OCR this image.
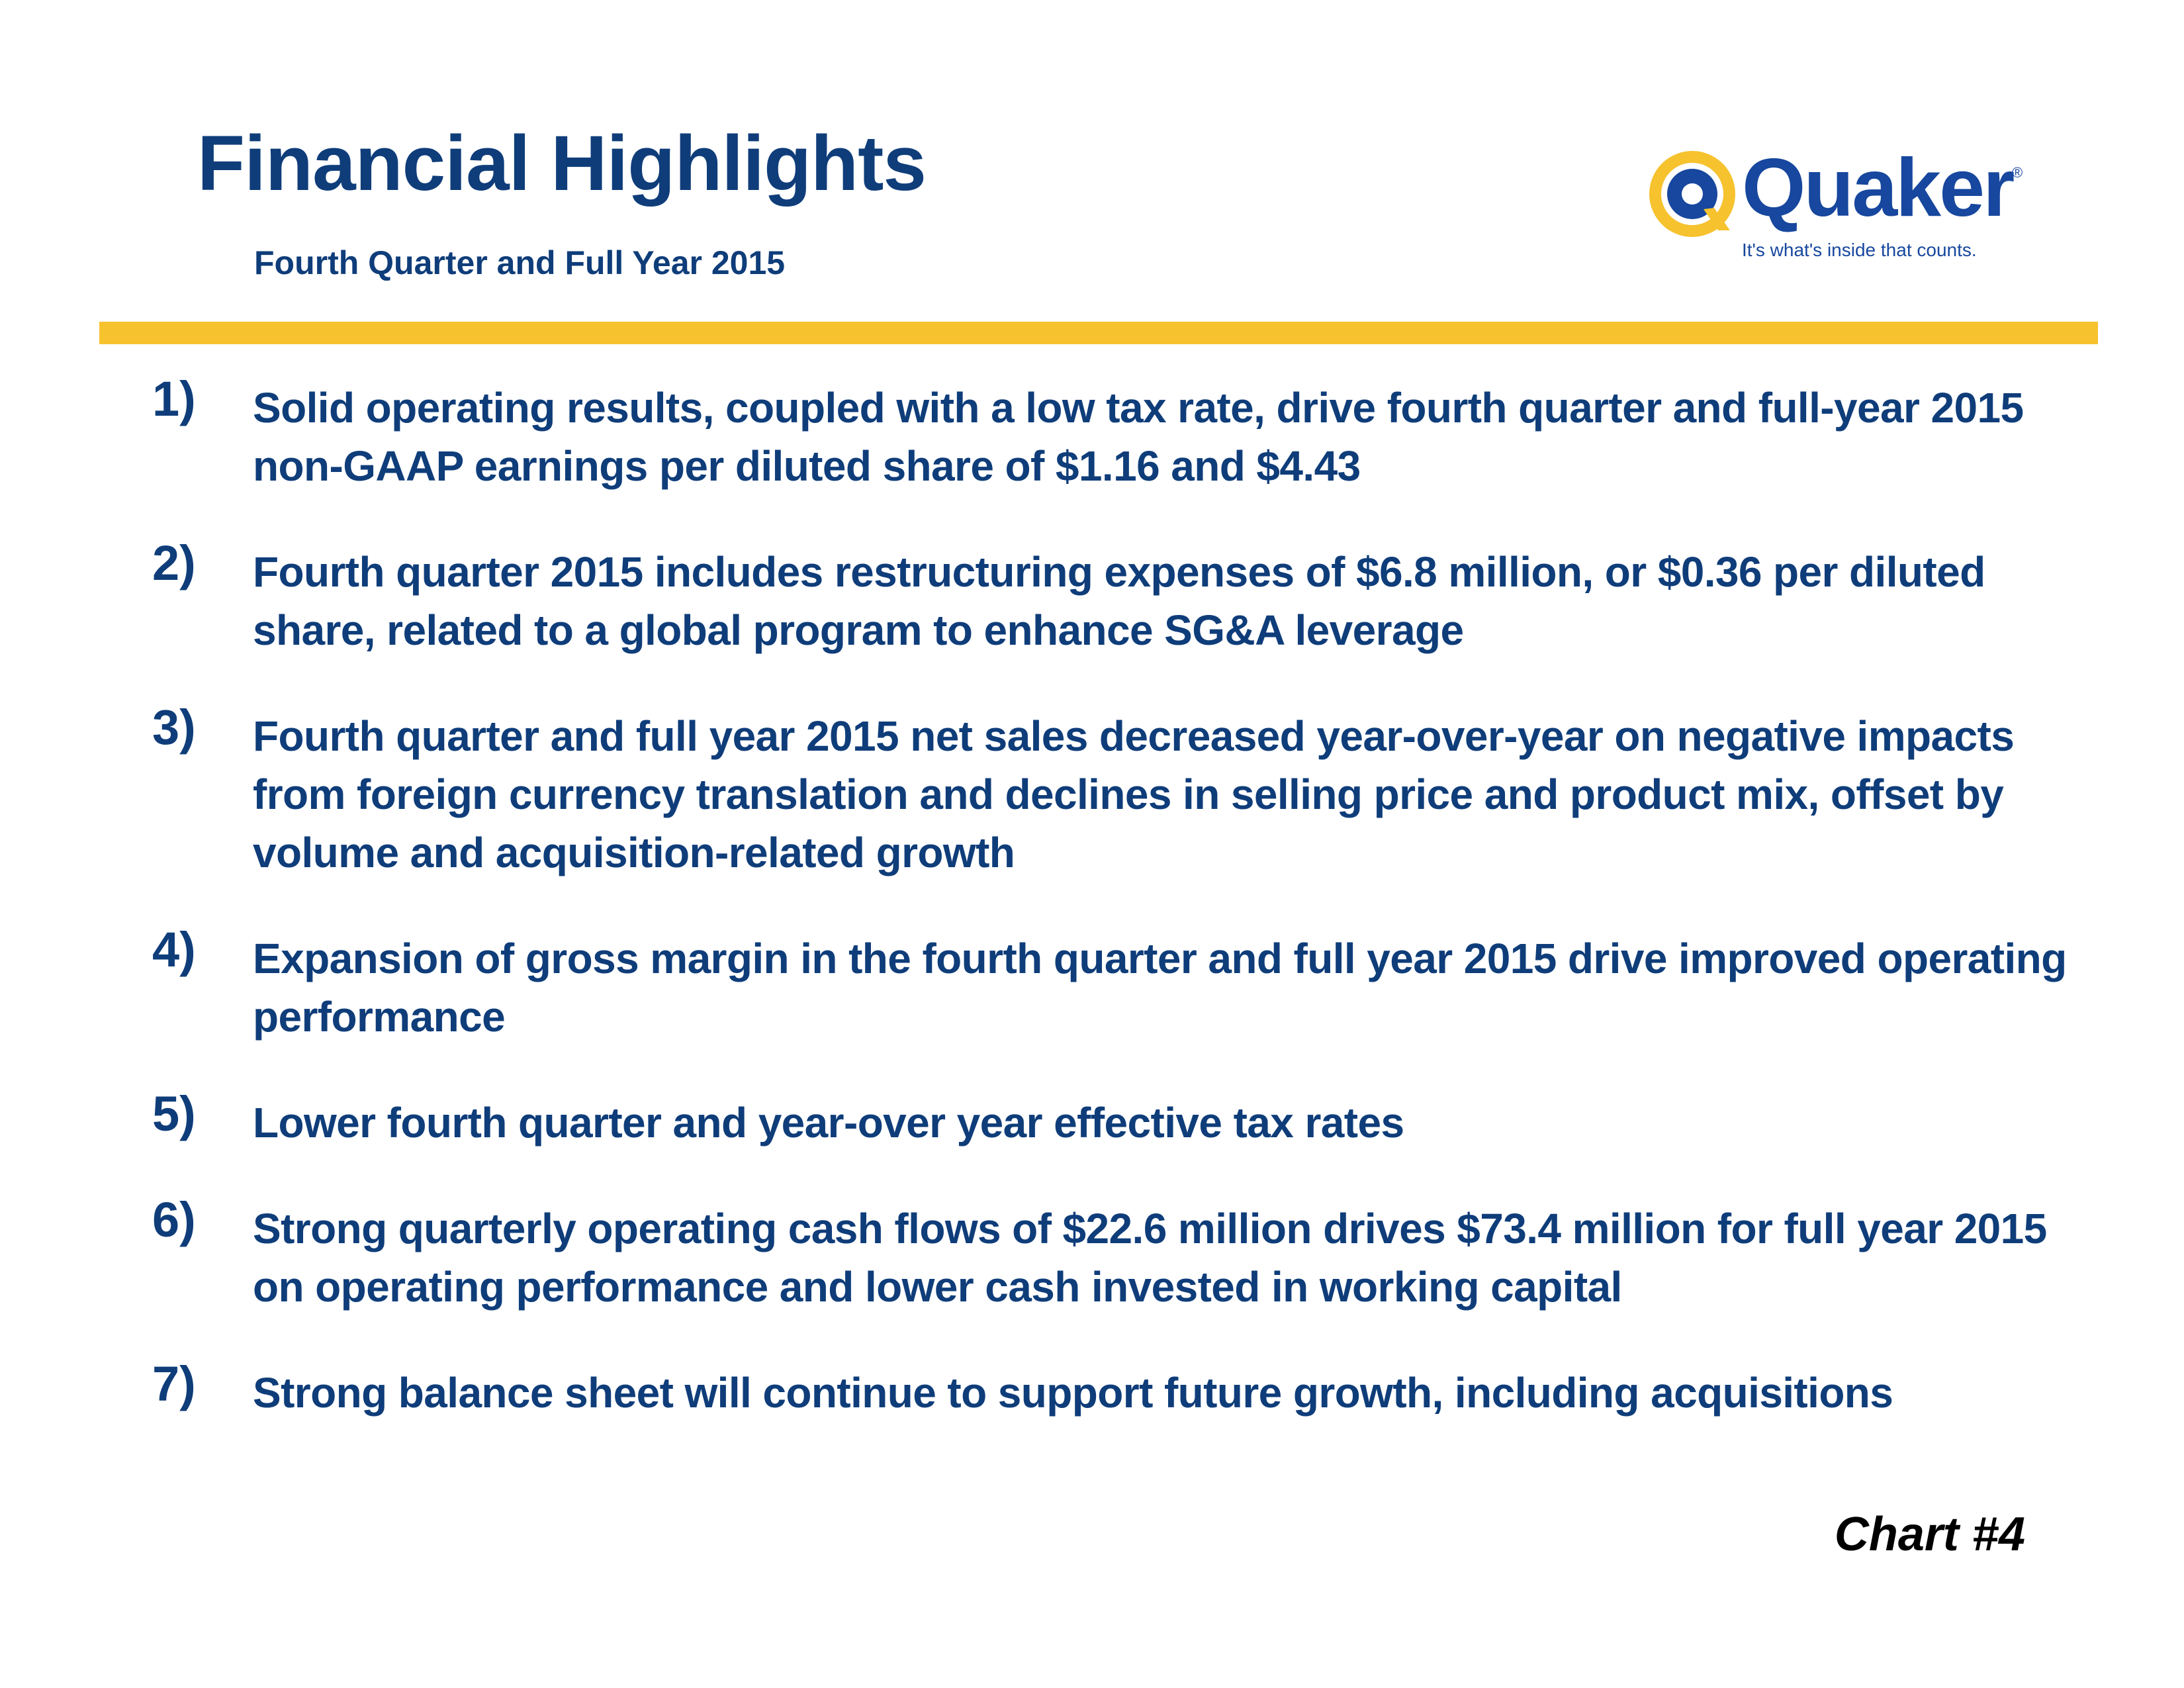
Financial Highlights

Fourth Quarter and Full Year 2015

Quaker
®
It's what's inside that counts.
1) Solid operating results, coupled with a low tax rate, drive fourth quarter and full-year 2015 non-GAAP earnings per diluted share of $1.16 and $4.43
2) Fourth quarter 2015 includes restructuring expenses of $6.8 million, or $0.36 per diluted share, related to a global program to enhance SG&A leverage
3) Fourth quarter and full year 2015 net sales decreased year-over-year on negative impacts from foreign currency translation and declines in selling price and product mix, offset by volume and acquisition-related growth
4) Expansion of gross margin in the fourth quarter and full year 2015 drive improved operating performance
5) Lower fourth quarter and year-over year effective tax rates
6) Strong quarterly operating cash flows of $22.6 million drives $73.4 million for full year 2015 on operating performance and lower cash invested in working capital
7) Strong balance sheet will continue to support future growth, including acquisitions
Chart #4
